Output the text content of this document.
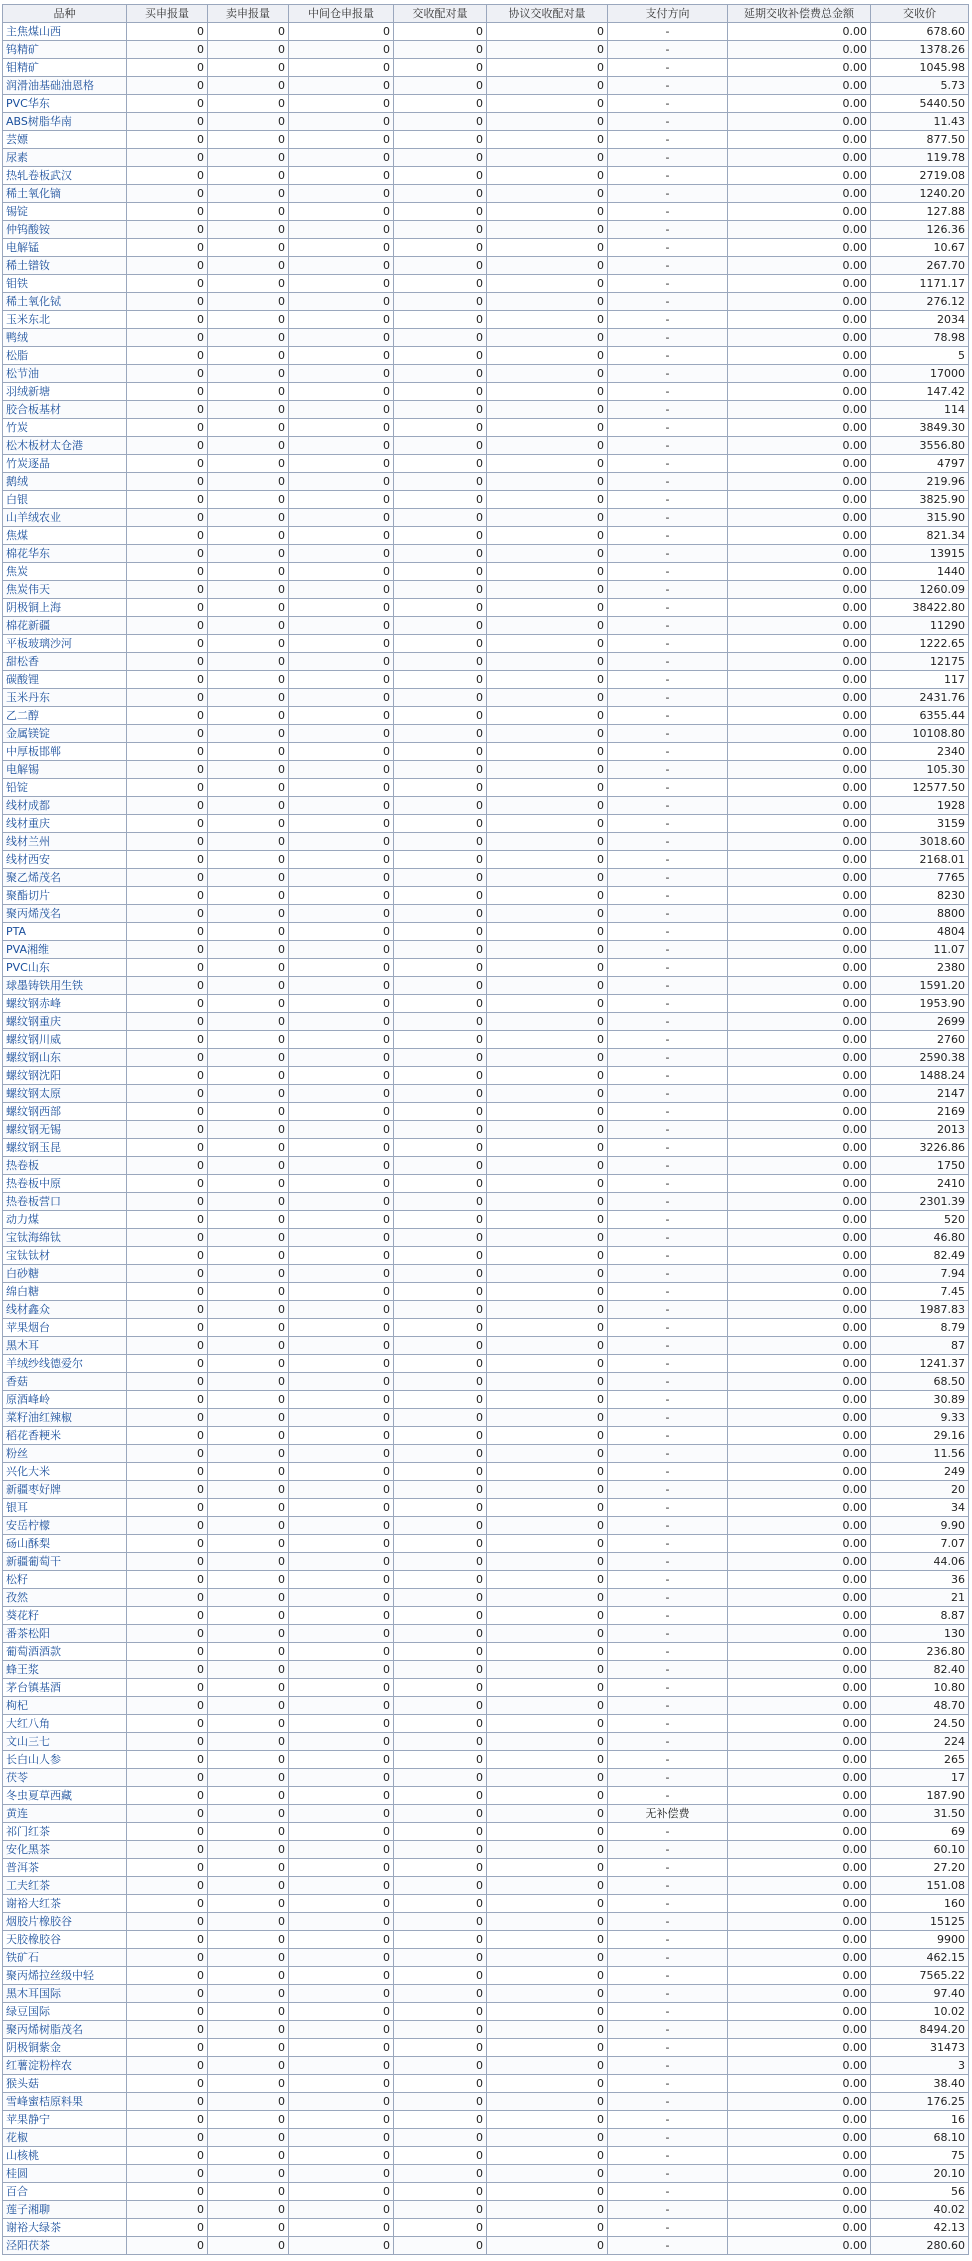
品种	买申报量	卖申报量	中间仓申报量	交收配对量	协议交收配对量	支付方向	延期交收补偿费总金额	交收价
主焦煤山西	0	0	0	0	0	-	0.00	678.60
钨精矿	0	0	0	0	0	-	0.00	1378.26
钼精矿	0	0	0	0	0	-	0.00	1045.98
润滑油基础油恩格	0	0	0	0	0	-	0.00	5.73
PVC华东	0	0	0	0	0	-	0.00	5440.50
ABS树脂华南	0	0	0	0	0	-	0.00	11.43
芸嫖	0	0	0	0	0	-	0.00	877.50
尿素	0	0	0	0	0	-	0.00	119.78
热轧卷板武汉	0	0	0	0	0	-	0.00	2719.08
稀土氧化镝	0	0	0	0	0	-	0.00	1240.20
锡锭	0	0	0	0	0	-	0.00	127.88
仲钨酸铵	0	0	0	0	0	-	0.00	126.36
电解锰	0	0	0	0	0	-	0.00	10.67
稀土镨钕	0	0	0	0	0	-	0.00	267.70
钼铁	0	0	0	0	0	-	0.00	1171.17
稀土氧化铽	0	0	0	0	0	-	0.00	276.12
玉米东北	0	0	0	0	0	-	0.00	2034
鸭绒	0	0	0	0	0	-	0.00	78.98
松脂	0	0	0	0	0	-	0.00	5
松节油	0	0	0	0	0	-	0.00	17000
羽绒新塘	0	0	0	0	0	-	0.00	147.42
胶合板基材	0	0	0	0	0	-	0.00	114
竹炭	0	0	0	0	0	-	0.00	3849.30
松木板材太仓港	0	0	0	0	0	-	0.00	3556.80
竹炭逐晶	0	0	0	0	0	-	0.00	4797
鹅绒	0	0	0	0	0	-	0.00	219.96
白银	0	0	0	0	0	-	0.00	3825.90
山羊绒农业	0	0	0	0	0	-	0.00	315.90
焦煤	0	0	0	0	0	-	0.00	821.34
棉花华东	0	0	0	0	0	-	0.00	13915
焦炭	0	0	0	0	0	-	0.00	1440
焦炭伟天	0	0	0	0	0	-	0.00	1260.09
阴极铜上海	0	0	0	0	0	-	0.00	38422.80
棉花新疆	0	0	0	0	0	-	0.00	11290
平板玻璃沙河	0	0	0	0	0	-	0.00	1222.65
甜松香	0	0	0	0	0	-	0.00	12175
碳酸锂	0	0	0	0	0	-	0.00	117
玉米丹东	0	0	0	0	0	-	0.00	2431.76
乙二醇	0	0	0	0	0	-	0.00	6355.44
金属镁锭	0	0	0	0	0	-	0.00	10108.80
中厚板邯郸	0	0	0	0	0	-	0.00	2340
电解锡	0	0	0	0	0	-	0.00	105.30
铅锭	0	0	0	0	0	-	0.00	12577.50
线材成都	0	0	0	0	0	-	0.00	1928
线材重庆	0	0	0	0	0	-	0.00	3159
线材兰州	0	0	0	0	0	-	0.00	3018.60
线材西安	0	0	0	0	0	-	0.00	2168.01
聚乙烯茂名	0	0	0	0	0	-	0.00	7765
聚酯切片	0	0	0	0	0	-	0.00	8230
聚丙烯茂名	0	0	0	0	0	-	0.00	8800
PTA	0	0	0	0	0	-	0.00	4804
PVA湘维	0	0	0	0	0	-	0.00	11.07
PVC山东	0	0	0	0	0	-	0.00	2380
球墨铸铁用生铁	0	0	0	0	0	-	0.00	1591.20
螺纹钢赤峰	0	0	0	0	0	-	0.00	1953.90
螺纹钢重庆	0	0	0	0	0	-	0.00	2699
螺纹钢川威	0	0	0	0	0	-	0.00	2760
螺纹钢山东	0	0	0	0	0	-	0.00	2590.38
螺纹钢沈阳	0	0	0	0	0	-	0.00	1488.24
螺纹钢太原	0	0	0	0	0	-	0.00	2147
螺纹钢西部	0	0	0	0	0	-	0.00	2169
螺纹钢无锡	0	0	0	0	0	-	0.00	2013
螺纹钢玉昆	0	0	0	0	0	-	0.00	3226.86
热卷板	0	0	0	0	0	-	0.00	1750
热卷板中原	0	0	0	0	0	-	0.00	2410
热卷板营口	0	0	0	0	0	-	0.00	2301.39
动力煤	0	0	0	0	0	-	0.00	520
宝钛海绵钛	0	0	0	0	0	-	0.00	46.80
宝钛钛材	0	0	0	0	0	-	0.00	82.49
白砂糖	0	0	0	0	0	-	0.00	7.94
绵白糖	0	0	0	0	0	-	0.00	7.45
线材鑫众	0	0	0	0	0	-	0.00	1987.83
苹果烟台	0	0	0	0	0	-	0.00	8.79
黑木耳	0	0	0	0	0	-	0.00	87
羊绒纱线德爱尔	0	0	0	0	0	-	0.00	1241.37
香菇	0	0	0	0	0	-	0.00	68.50
原酒峰岭	0	0	0	0	0	-	0.00	30.89
菜籽油红辣椒	0	0	0	0	0	-	0.00	9.33
稻花香粳米	0	0	0	0	0	-	0.00	29.16
粉丝	0	0	0	0	0	-	0.00	11.56
兴化大米	0	0	0	0	0	-	0.00	249
新疆枣好牌	0	0	0	0	0	-	0.00	20
银耳	0	0	0	0	0	-	0.00	34
安岳柠檬	0	0	0	0	0	-	0.00	9.90
砀山酥梨	0	0	0	0	0	-	0.00	7.07
新疆葡萄干	0	0	0	0	0	-	0.00	44.06
松籽	0	0	0	0	0	-	0.00	36
孜然	0	0	0	0	0	-	0.00	21
葵花籽	0	0	0	0	0	-	0.00	8.87
番茶松阳	0	0	0	0	0	-	0.00	130
葡萄酒酒款	0	0	0	0	0	-	0.00	236.80
蜂王浆	0	0	0	0	0	-	0.00	82.40
茅台镇基酒	0	0	0	0	0	-	0.00	10.80
枸杞	0	0	0	0	0	-	0.00	48.70
大红八角	0	0	0	0	0	-	0.00	24.50
文山三七	0	0	0	0	0	-	0.00	224
长白山人参	0	0	0	0	0	-	0.00	265
茯苓	0	0	0	0	0	-	0.00	17
冬虫夏草西藏	0	0	0	0	0	-	0.00	187.90
黄连	0	0	0	0	0	无补偿费	0.00	31.50
祁门红茶	0	0	0	0	0	-	0.00	69
安化黑茶	0	0	0	0	0	-	0.00	60.10
普洱茶	0	0	0	0	0	-	0.00	27.20
工夫红茶	0	0	0	0	0	-	0.00	151.08
谢裕大红茶	0	0	0	0	0	-	0.00	160
烟胶片橡胶谷	0	0	0	0	0	-	0.00	15125
天胶橡胶谷	0	0	0	0	0	-	0.00	9900
铁矿石	0	0	0	0	0	-	0.00	462.15
聚丙烯拉丝级中轻	0	0	0	0	0	-	0.00	7565.22
黑木耳国际	0	0	0	0	0	-	0.00	97.40
绿豆国际	0	0	0	0	0	-	0.00	10.02
聚丙烯树脂茂名	0	0	0	0	0	-	0.00	8494.20
阴极铜紫金	0	0	0	0	0	-	0.00	31473
红薯淀粉梓农	0	0	0	0	0	-	0.00	3
猴头菇	0	0	0	0	0	-	0.00	38.40
雪峰蜜桔原料果	0	0	0	0	0	-	0.00	176.25
苹果静宁	0	0	0	0	0	-	0.00	16
花椒	0	0	0	0	0	-	0.00	68.10
山核桃	0	0	0	0	0	-	0.00	75
桂圆	0	0	0	0	0	-	0.00	20.10
百合	0	0	0	0	0	-	0.00	56
莲子湘聊	0	0	0	0	0	-	0.00	40.02
谢裕大绿茶	0	0	0	0	0	-	0.00	42.13
泾阳茯茶	0	0	0	0	0	-	0.00	280.60
